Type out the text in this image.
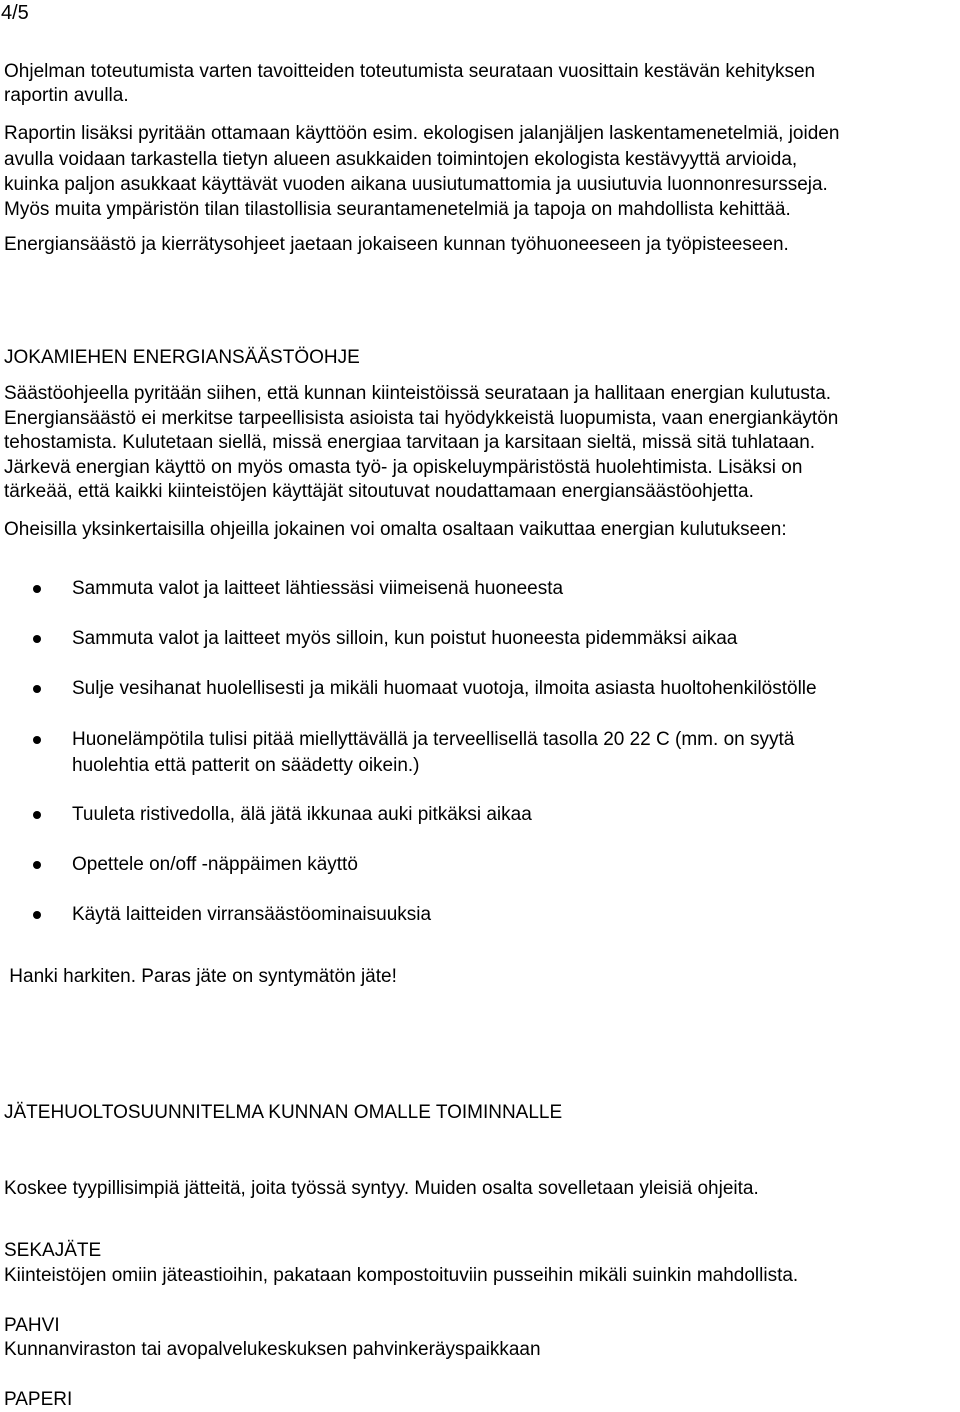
4/5
Ohjelman toteutumista varten tavoitteiden toteutumista seurataan vuosittain kestävän kehityksen
raportin avulla.
Raportin lisäksi pyritään ottamaan käyttöön esim. ekologisen jalanjäljen laskentamenetelmiä, joiden
avulla voidaan tarkastella tietyn alueen asukkaiden toimintojen ekologista kestävyyttä arvioida,
kuinka paljon asukkaat käyttävät vuoden aikana uusiutumattomia ja uusiutuvia luonnonresursseja.
Myös muita ympäristön tilan tilastollisia seurantamenetelmiä ja tapoja on mahdollista kehittää.
Energiansäästö ja kierrätysohjeet jaetaan jokaiseen kunnan työhuoneeseen ja työpisteeseen.
JOKAMIEHEN ENERGIANSÄÄSTÖOHJE
Säästöohjeella pyritään siihen, että kunnan kiinteistöissä seurataan ja hallitaan energian kulutusta.
Energiansäästö ei merkitse tarpeellisista asioista tai hyödykkeistä luopumista, vaan energiankäytön
tehostamista. Kulutetaan siellä, missä energiaa tarvitaan ja karsitaan sieltä, missä sitä tuhlataan.
Järkevä energian käyttö on myös omasta työ- ja opiskeluympäristöstä huolehtimista. Lisäksi on
tärkeää, että kaikki kiinteistöjen käyttäjät sitoutuvat noudattamaan energiansäästöohjetta.
Oheisilla yksinkertaisilla ohjeilla jokainen voi omalta osaltaan vaikuttaa energian kulutukseen:
Sammuta valot ja laitteet lähtiessäsi viimeisenä huoneesta
Sammuta valot ja laitteet myös silloin, kun poistut huoneesta pidemmäksi aikaa
Sulje vesihanat huolellisesti ja mikäli huomaat vuotoja, ilmoita asiasta huoltohenkilöstölle
Huonelämpötila tulisi pitää miellyttävällä ja terveellisellä tasolla 20 22 C (mm. on syytä
huolehtia että patterit on säädetty oikein.)
Tuuleta ristivedolla, älä jätä ikkunaa auki pitkäksi aikaa
Opettele on/off -näppäimen käyttö
Käytä laitteiden virransäästöominaisuuksia
Hanki harkiten. Paras jäte on syntymätön jäte!
JÄTEHUOLTOSUUNNITELMA KUNNAN OMALLE TOIMINNALLE
Koskee tyypillisimpiä jätteitä, joita työssä syntyy. Muiden osalta sovelletaan yleisiä ohjeita.
SEKAJÄTE
Kiinteistöjen omiin jäteastioihin, pakataan kompostoituviin pusseihin mikäli suinkin mahdollista.
PAHVI
Kunnanviraston tai avopalvelukeskuksen pahvinkeräyspaikkaan
PAPERI
